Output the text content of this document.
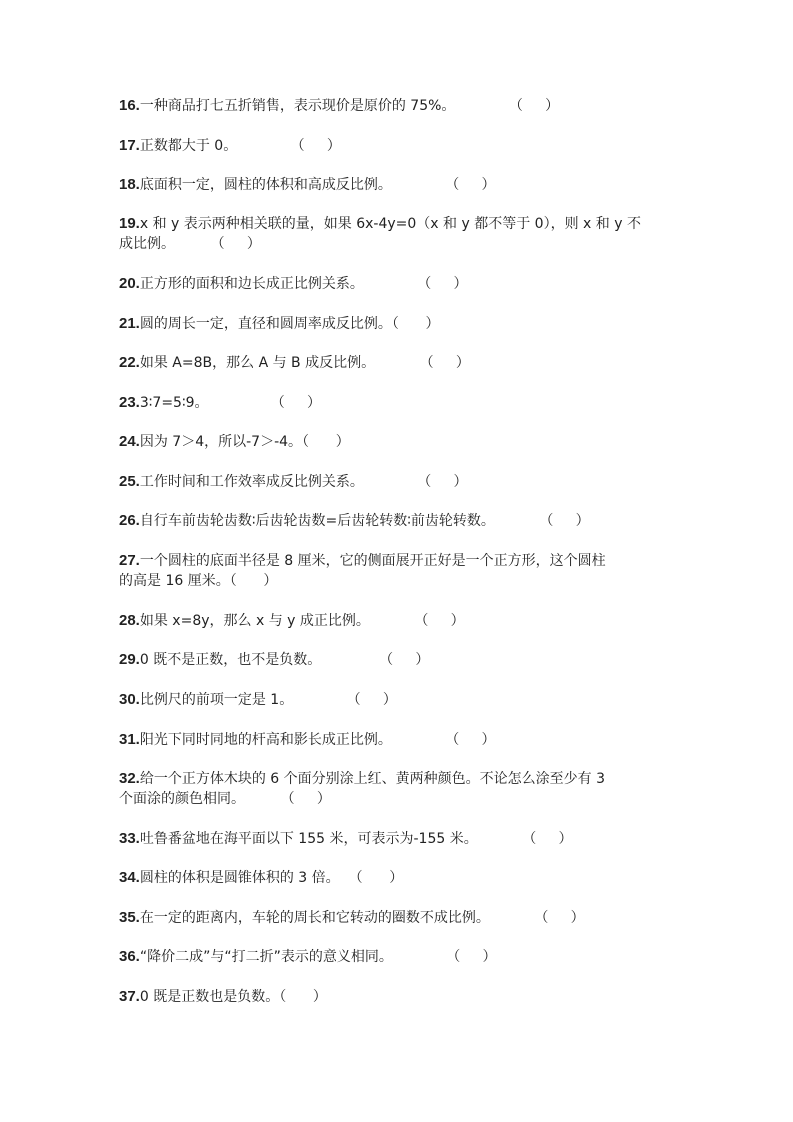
16.一种商品打七五折销售，表示现价是原价的 75%。            （     ）
17.正数都大于 0。            （     ）
18.底面积一定，圆柱的体积和高成反比例。            （     ）
19.x 和 y 表示两种相关联的量，如果 6x-4y=0（x 和 y 都不等于 0），则 x 和 y 不
成比例。        （     ）
20.正方形的面积和边长成正比例关系。            （     ）
21.圆的周长一定，直径和圆周率成反比例。（      ）
22.如果 A=8B，那么 A 与 B 成反比例。          （     ）
23.3∶7=5∶9。              （     ）
24.因为 7＞4，所以-7＞-4。（      ）
25.工作时间和工作效率成反比例关系。            （     ）
26.自行车前齿轮齿数∶后齿轮齿数=后齿轮转数∶前齿轮转数。          （     ）
27.一个圆柱的底面半径是 8 厘米，它的侧面展开正好是一个正方形，这个圆柱
的高是 16 厘米。（      ）
28.如果 x=8y，那么 x 与 y 成正比例。          （     ）
29.0 既不是正数，也不是负数。             （     ）
30.比例尺的前项一定是 1。            （     ）
31.阳光下同时同地的杆高和影长成正比例。            （     ）
32.给一个正方体木块的 6 个面分别涂上红、黄两种颜色。不论怎么涂至少有 3
个面涂的颜色相同。        （     ）
33.吐鲁番盆地在海平面以下 155 米，可表示为-155 米。          （     ）
34.圆柱的体积是圆锥体积的 3 倍。  （      ）
35.在一定的距离内，车轮的周长和它转动的圈数不成比例。          （     ）
36.“降价二成”与“打二折”表示的意义相同。            （     ）
37.0 既是正数也是负数。（      ）
